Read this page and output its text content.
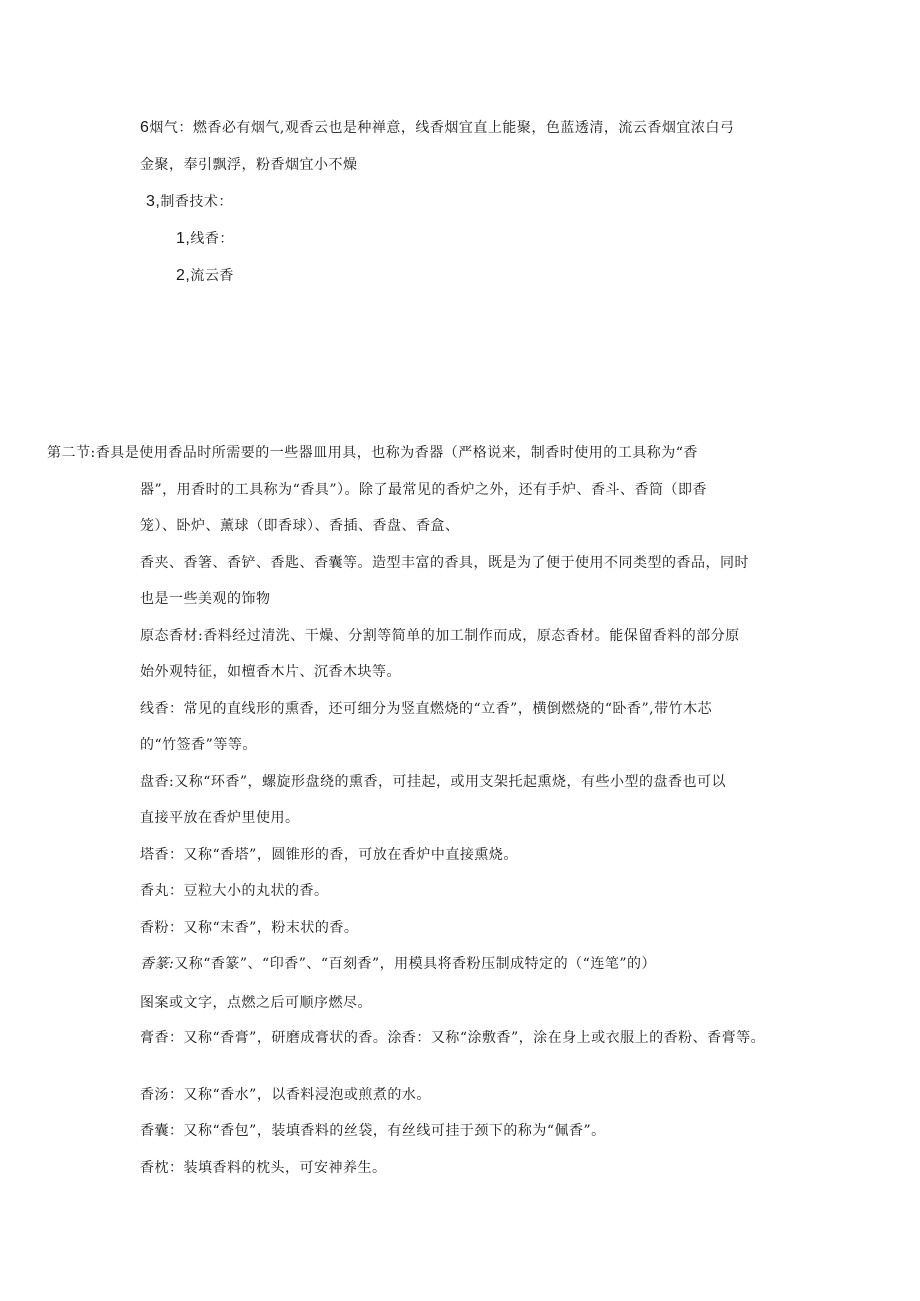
6烟气：燃香必有烟气,观香云也是种禅意，线香烟宜直上能聚，色蓝透清，流云香烟宜浓白弓
金聚，奉引飘浮，粉香烟宜小不燥
3,制香技术：
1,线香：
2,流云香
第二节:香具是使用香品时所需要的一些器皿用具，也称为香器（严格说来，制香时使用的工具称为“香
器”，用香时的工具称为“香具”）。除了最常见的香炉之外，还有手炉、香斗、香筒（即香
笼）、卧炉、薰球（即香球）、香插、香盘、香盒、
香夹、香箸、香铲、香匙、香囊等。造型丰富的香具，既是为了便于使用不同类型的香品，同时
也是一些美观的饰物
原态香材:香料经过清洗、干燥、分割等简单的加工制作而成，原态香材。能保留香料的部分原
始外观特征，如檀香木片、沉香木块等。
线香：常见的直线形的熏香，还可细分为竖直燃烧的“立香”，横倒燃烧的“卧香”,带竹木芯
的“竹签香”等等。
盘香:又称“环香”，螺旋形盘绕的熏香，可挂起，或用支架托起熏烧，有些小型的盘香也可以
直接平放在香炉里使用。
塔香：又称“香塔”，圆锥形的香，可放在香炉中直接熏烧。
香丸：豆粒大小的丸状的香。
香粉：又称“末香”，粉末状的香。
香篆:又称“香篆”、“印香”、“百刻香”，用模具将香粉压制成特定的（“连笔”的）
图案或文字，点燃之后可顺序燃尽。
膏香：又称“香膏”，研磨成膏状的香。涂香：又称“涂敷香”，涂在身上或衣服上的香粉、香膏等。
香汤：又称“香水”，以香料浸泡或煎煮的水。
香囊：又称“香包”，装填香料的丝袋，有丝线可挂于颈下的称为“佩香”。
香枕：装填香料的枕头，可安神养生。
